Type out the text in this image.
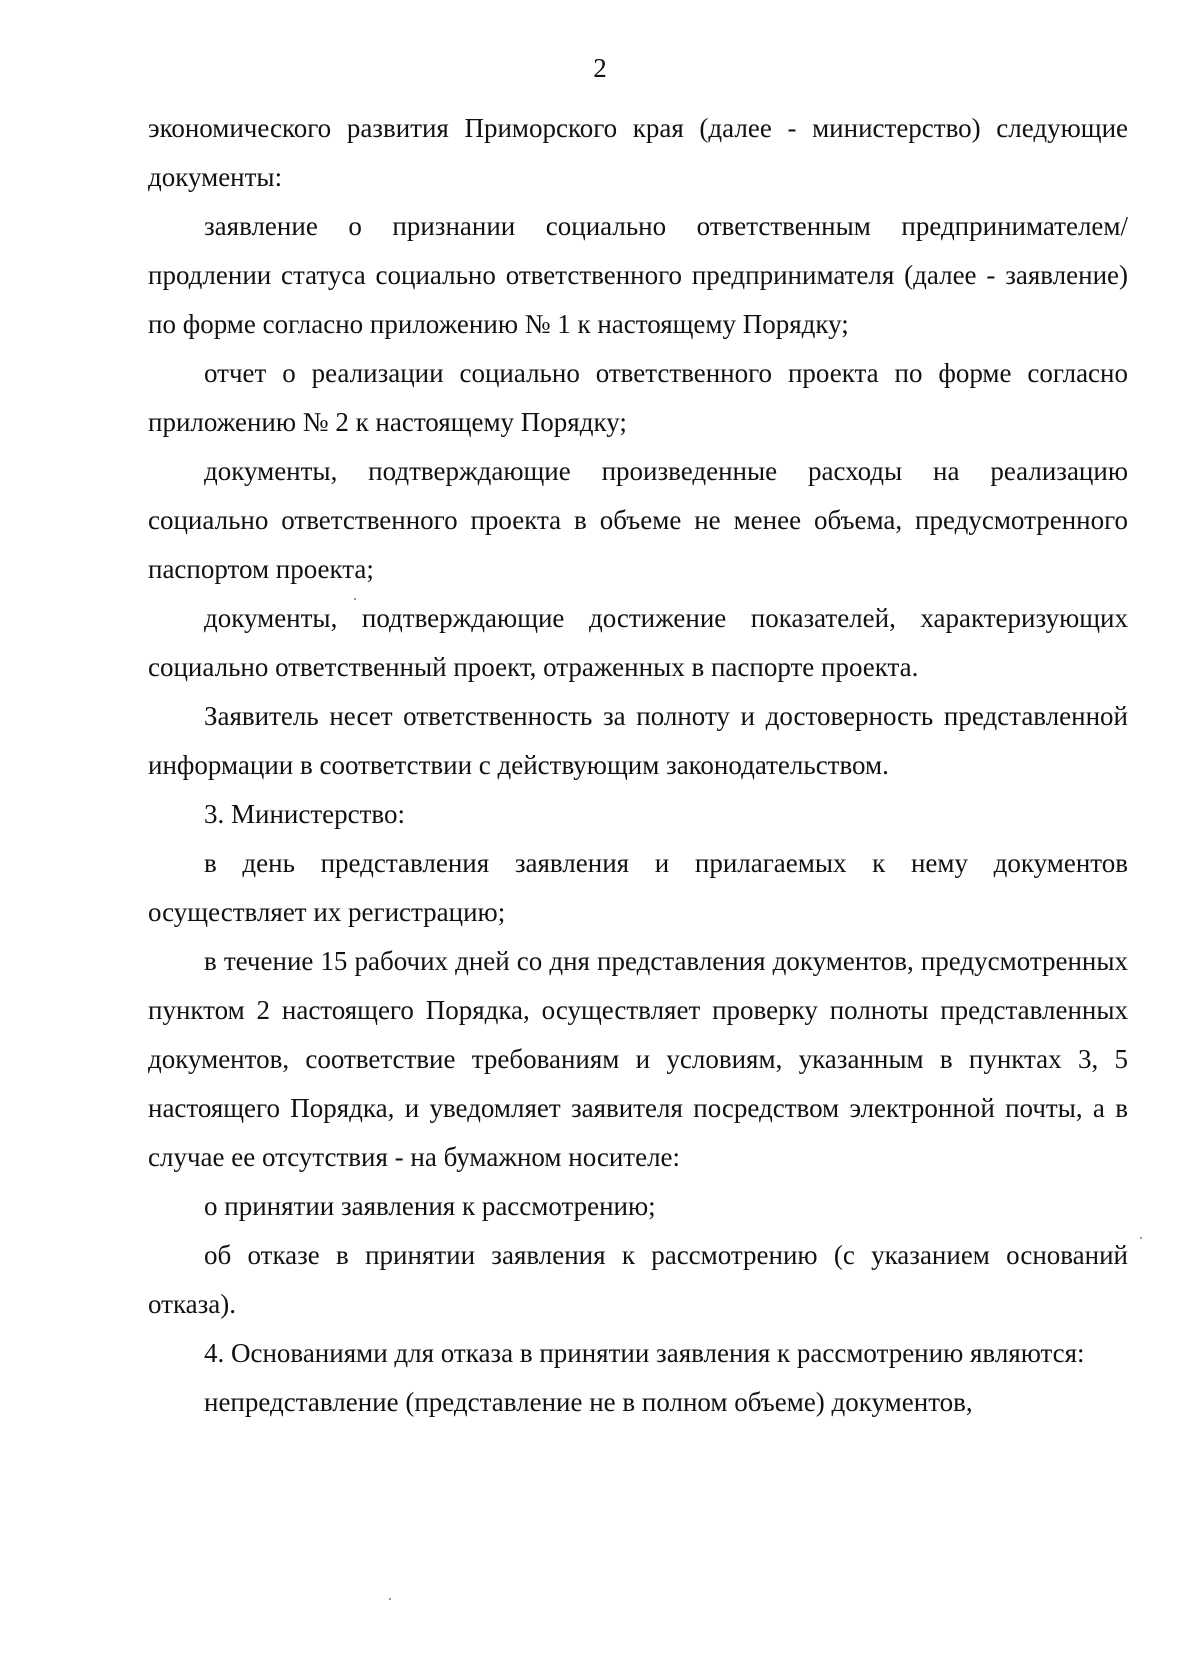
2

экономического развития Приморского края (далее - министерство) следующие документы:

заявление о признании социально ответственным предпринимателем/ продлении статуса социально ответственного предпринимателя (далее - заявление) по форме согласно приложению № 1 к настоящему Порядку;

отчет о реализации социально ответственного проекта по форме согласно приложению № 2 к настоящему Порядку;

документы, подтверждающие произведенные расходы на реализацию социально ответственного проекта в объеме не менее объема, предусмотренного паспортом проекта;

документы, подтверждающие достижение показателей, характеризующих социально ответственный проект, отраженных в паспорте проекта.

Заявитель несет ответственность за полноту и достоверность представленной информации в соответствии с действующим законодательством.

3. Министерство:

в день представления заявления и прилагаемых к нему документов осуществляет их регистрацию;

в течение 15 рабочих дней со дня представления документов, предусмотренных пунктом 2 настоящего Порядка, осуществляет проверку полноты представленных документов, соответствие требованиям и условиям, указанным в пунктах 3, 5 настоящего Порядка, и уведомляет заявителя посредством электронной почты, а в случае ее отсутствия - на бумажном носителе:

о принятии заявления к рассмотрению;

об отказе в принятии заявления к рассмотрению (с указанием оснований отказа).

4. Основаниями для отказа в принятии заявления к рассмотрению являются:

непредставление (представление не в полном объеме) документов,
